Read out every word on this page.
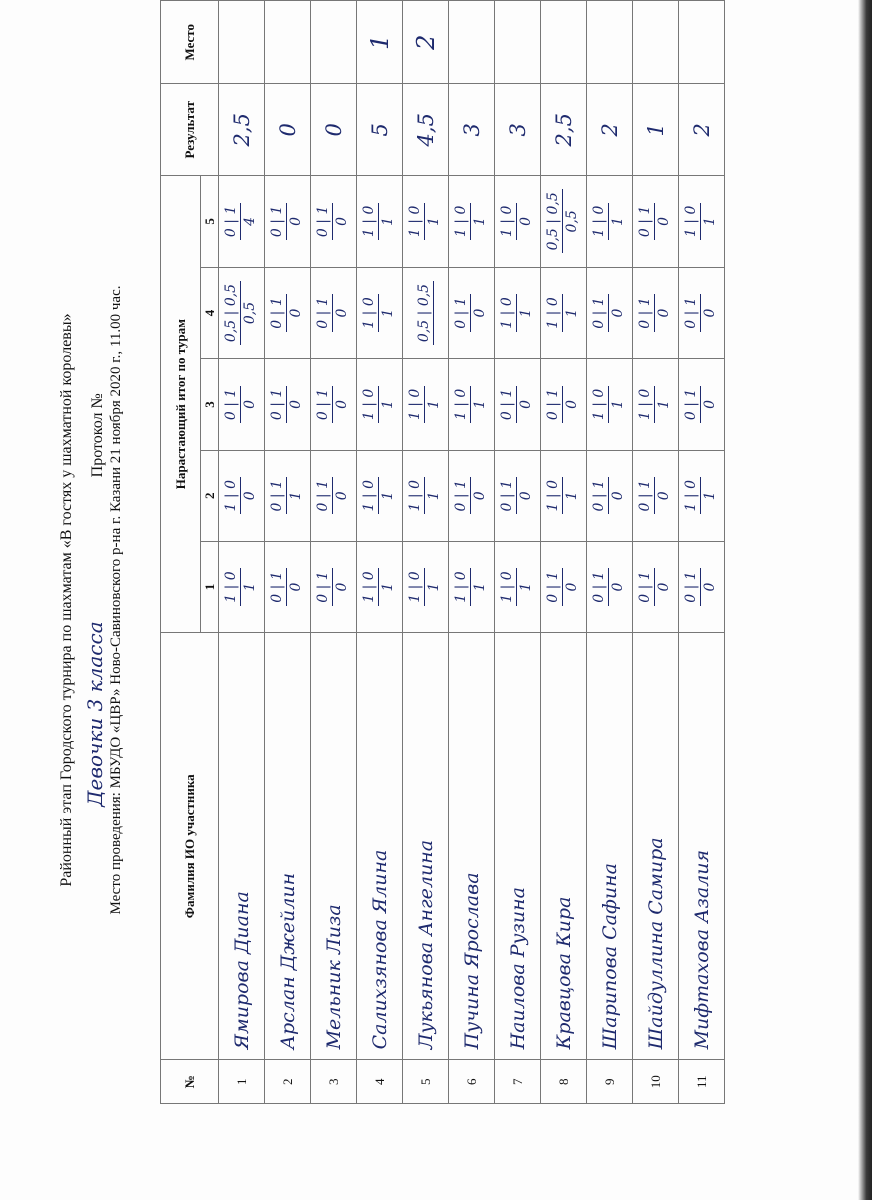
Районный этап Городского турнира по шахматам «В гостях у шахматной королевы» Девочки 3 класса Протокол № Место проведения: МБУДО «ЦВР» Ново-Савиновского р-на г. Казани 21 ноября 2020 г., 11.00 час.
№	Фамилия ИО участника	Нарастающий итог по турам					Результат	Место
		1	2	3	4	5		
1	Ямирова Диана	1 | 0 1	1 | 0 0	0 | 1 0	0,5 | 0,5 0,5	0 | 1 4	2,5	
2	Арслан Джейлин	0 | 1 0	0 | 1 1	0 | 1 0	0 | 1 0	0 | 1 0	0	
3	Мельник Лиза	0 | 1 0	0 | 1 0	0 | 1 0	0 | 1 0	0 | 1 0	0	
4	Салихзянова Ялина	1 | 0 1	1 | 0 1	1 | 0 1	1 | 0 1	1 | 0 1	5	1
5	Лукьянова Ангелина	1 | 0 1	1 | 0 1	1 | 0 1	0,5 | 0,5	1 | 0 1	4,5	2
6	Пучина Ярослава	1 | 0 1	0 | 1 0	1 | 0 1	0 | 1 0	1 | 0 1	3	
7	Наилова Рузина	1 | 0 1	0 | 1 0	0 | 1 0	1 | 0 1	1 | 0 0	3	
8	Кравцова Кира	0 | 1 0	1 | 0 1	0 | 1 0	1 | 0 1	0,5 | 0,5 0,5	2,5	
9	Шарипова Сафина	0 | 1 0	0 | 1 0	1 | 0 1	0 | 1 0	1 | 0 1	2	
10	Шайдуллина Самира	0 | 1 0	0 | 1 0	1 | 0 1	0 | 1 0	0 | 1 0	1	
11	Мифтахова Азалия	0 | 1 0	1 | 0 1	0 | 1 0	0 | 1 0	1 | 0 1	2	
